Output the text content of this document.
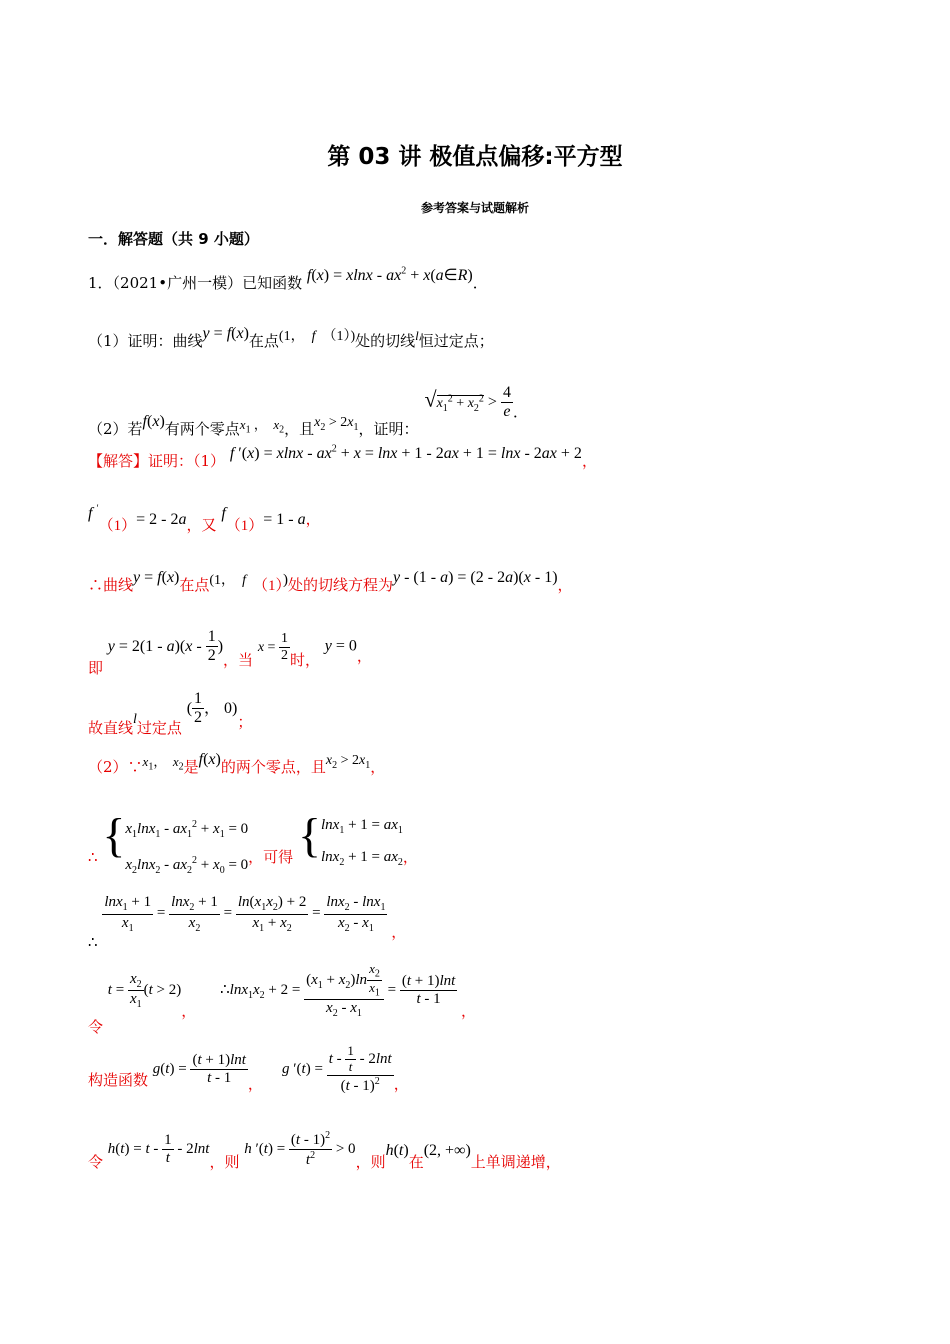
第 03 讲 极值点偏移:平方型
参考答案与试题解析
一．解答题（共 9 小题）
1．（2021•广州一模）已知函数 $f(x) = xlnx - ax^2$ + x(a∈R)．
（1）证明：曲线y = f(x)在点(1，  f  （1）)处的切线l恒过定点；
（2）若f(x)有两个零点$x_1$ ，  $x_2$，且$x_2 > 2x_1$，证明：$√x_1^2 + x_2^2 > \frac{4}{e}$ ．
【解答】证明：（1） f $'(x) = xlnx - ax^2 + x = \ln x + 1 - 2ax + 1 = \ln x - 2ax + 2$，
f ′（1）= 2 - 2a，又 f（1）= 1 - a，
∴曲线y = f(x)在点(1，  f  （1）)处的切线方程为y - (1 - a) = (2 - 2a)(x - 1)，
即 $y = 2(1 - a)(x - \frac{1}{2}$ )，当 $x = \frac{1}{2}$ 时， y = 0，
故直线l过定点 ( $\frac{1}{2}$ ， 0)；
$(2)\because x_1$，  $x_2$是f(x)的两个零点，且$x_2 > 2x_1$，
∴ { $x_1\ln x_1 - ax_1^2 + x_1 = 0$
$x_2\ln x_2 - ax_2^2 + x_0 = 0$，可得 { $\ln x_1 + 1 = ax_1$
$\ln x_2 + 1 = ax_2$，
∴
$\frac{\ln x_1 + 1}{x_1} = \frac{\ln x_2 + 1}{x_2} = \frac{\ln(x_1x_2) + 2}{x_1 + x_2} = \frac{\ln x_2 - \ln x_1}{x_2 - x_1}$ ，
令 $t = \frac{x_2}{x_1} (t > 2)$，     $\therefore\ln x_1x_2 + 2 = \frac{(x_1 + x_2)\ln \frac{x_2}{x_1}}{x_2 - x_1} = \frac{(t + 1)\ln t}{t - 1}$
，
构造函数 $g(t) = \frac{(t + 1)\ln t}{t - 1}$ ，    g $'(t) = \frac{t - \frac{1}{t} - 2\ln t}{(t - 1)^2}$ ，
令 $h(t) = t - \frac{1}{t} - 2\ln t$，则 h $'(t) = \frac{(t - 1)^2}{t^2} > 0$，则h(t)在(2, +∞)上单调递增，
